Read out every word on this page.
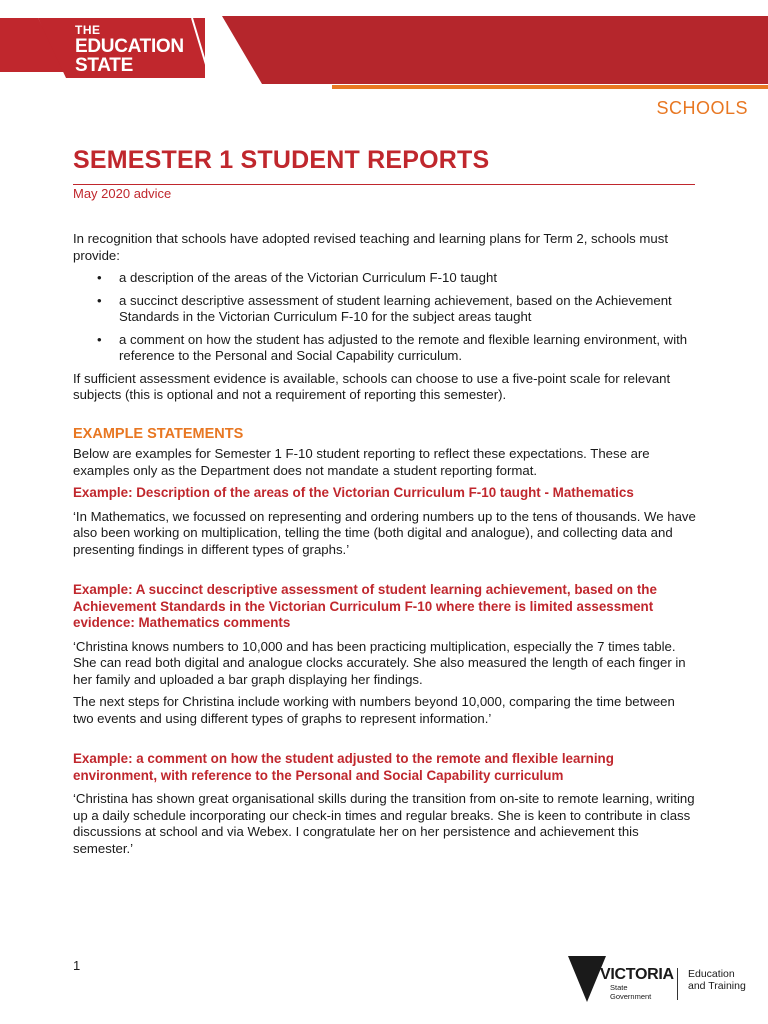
THE
EDUCATION
STATE
SCHOOLS
SEMESTER 1 STUDENT REPORTS
May 2020 advice

In recognition that schools have adopted revised teaching and learning plans for Term 2, schools must provide:

• a description of the areas of the Victorian Curriculum F-10 taught
• a succinct descriptive assessment of student learning achievement, based on the Achievement Standards in the Victorian Curriculum F-10 for the subject areas taught
• a comment on how the student has adjusted to the remote and flexible learning environment, with reference to the Personal and Social Capability curriculum.

If sufficient assessment evidence is available, schools can choose to use a five-point scale for relevant subjects (this is optional and not a requirement of reporting this semester).

EXAMPLE STATEMENTS

Below are examples for Semester 1 F-10 student reporting to reflect these expectations. These are examples only as the Department does not mandate a student reporting format.

Example: Description of the areas of the Victorian Curriculum F-10 taught - Mathematics

‘In Mathematics, we focussed on representing and ordering numbers up to the tens of thousands. We have also been working on multiplication, telling the time (both digital and analogue), and collecting data and presenting findings in different types of graphs.’

Example: A succinct descriptive assessment of student learning achievement, based on the Achievement Standards in the Victorian Curriculum F-10 where there is limited assessment evidence: Mathematics comments

‘Christina knows numbers to 10,000 and has been practicing multiplication, especially the 7 times table. She can read both digital and analogue clocks accurately. She also measured the length of each finger in her family and uploaded a bar graph displaying her findings.

The next steps for Christina include working with numbers beyond 10,000, comparing the time between two events and using different types of graphs to represent information.’

Example: a comment on how the student adjusted to the remote and flexible learning environment, with reference to the Personal and Social Capability curriculum

‘Christina has shown great organisational skills during the transition from on-site to remote learning, writing up a daily schedule incorporating our check-in times and regular breaks. She is keen to contribute in class discussions at school and via Webex. I congratulate her on her persistence and achievement this semester.’

1
VICTORIA
State
Government
Education
and Training
